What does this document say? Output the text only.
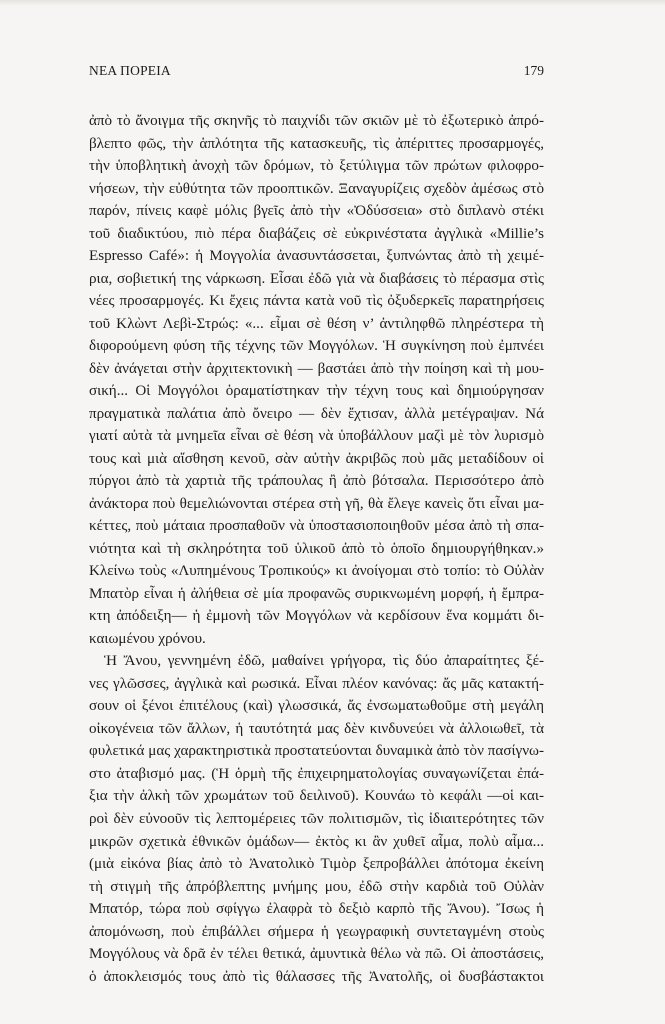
ΝΕΑ ΠΟΡΕΙΑ	179
ἀπὸ τὸ ἄνοιγμα τῆς σκηνῆς τὸ παιχνίδι τῶν σκιῶν μὲ τὸ ἐξωτερικὸ ἀπρό-
βλεπτο φῶς, τὴν ἁπλότητα τῆς κατασκευῆς, τὶς ἀπέριττες προσαρμογές,
τὴν ὑποβλητικὴ ἀνοχὴ τῶν δρόμων, τὸ ξετύλιγμα τῶν πρώτων φιλοφρο-
νήσεων, τὴν εὐθύτητα τῶν προοπτικῶν. Ξαναγυρίζεις σχεδὸν ἀμέσως στὸ
παρόν, πίνεις καφὲ μόλις βγεῖς ἀπὸ τὴν «Ὀδύσσεια» στὸ διπλανὸ στέκι
τοῦ διαδικτύου, πιὸ πέρα διαβάζεις σὲ εὐκρινέστατα ἀγγλικὰ «Millie’s
Espresso Café»: ἡ Μογγολία ἀνασυντάσσεται, ξυπνώντας ἀπὸ τὴ χειμέ-
ρια, σοβιετική της νάρκωση. Εἶσαι ἐδῶ γιὰ νὰ διαβάσεις τὸ πέρασμα στὶς
νέες προσαρμογές. Κι ἔχεις πάντα κατὰ νοῦ τὶς ὀξυδερκεῖς παρατηρήσεις
τοῦ Κλὼντ Λεβὶ-Στρώς: «... εἶμαι σὲ θέση ν’ ἀντιληφθῶ πληρέστερα τὴ
διφορούμενη φύση τῆς τέχνης τῶν Μογγόλων. Ἡ συγκίνηση ποὺ ἐμπνέει
δὲν ἀνάγεται στὴν ἀρχιτεκτονικὴ — βαστάει ἀπὸ τὴν ποίηση καὶ τὴ μου-
σική... Οἱ Μογγόλοι ὁραματίστηκαν τὴν τέχνη τους καὶ δημιούργησαν
πραγματικὰ παλάτια ἀπὸ ὄνειρο — δὲν ἔχτισαν, ἀλλὰ μετέγραψαν. Νά
γιατί αὐτὰ τὰ μνημεῖα εἶναι σὲ θέση νὰ ὑποβάλλουν μαζὶ μὲ τὸν λυρισμὸ
τους καὶ μιὰ αἴσθηση κενοῦ, σὰν αὐτὴν ἀκριβῶς ποὺ μᾶς μεταδίδουν οἱ
πύργοι ἀπὸ τὰ χαρτιὰ τῆς τράπουλας ἢ ἀπὸ βότσαλα. Περισσότερο ἀπὸ
ἀνάκτορα ποὺ θεμελιώνονται στέρεα στὴ γῆ, θὰ ἔλεγε κανεὶς ὅτι εἶναι μα-
κέττες, ποὺ μάταια προσπαθοῦν νὰ ὑποστασιοποιηθοῦν μέσα ἀπὸ τὴ σπα-
νιότητα καὶ τὴ σκληρότητα τοῦ ὑλικοῦ ἀπὸ τὸ ὁποῖο δημιουργήθηκαν.»
Κλείνω τοὺς «Λυπημένους Τροπικούς» κι ἀνοίγομαι στὸ τοπίο: τὸ Οὐλὰν
Μπατὸρ εἶναι ἡ ἀλήθεια σὲ μία προφανῶς συρικνωμένη μορφή, ἡ ἔμπρα-
κτη ἀπόδειξη— ἡ ἐμμονὴ τῶν Μογγόλων νὰ κερδίσουν ἕνα κομμάτι δι-
καιωμένου χρόνου.
Ἡ Ἄνου, γεννημένη ἐδῶ, μαθαίνει γρήγορα, τὶς δύο ἀπαραίτητες ξέ-
νες γλῶσσες, ἀγγλικὰ καὶ ρωσικά. Εἶναι πλέον κανόνας: ἄς μᾶς κατακτή-
σουν οἱ ξένοι ἐπιτέλους (καὶ) γλωσσικά, ἄς ἐνσωματωθοῦμε στὴ μεγάλη
οἰκογένεια τῶν ἄλλων, ἡ ταυτότητά μας δὲν κινδυνεύει νὰ ἀλλοιωθεῖ, τὰ
φυλετικά μας χαρακτηριστικὰ προστατεύονται δυναμικὰ ἀπὸ τὸν πασίγνω-
στο ἀταβισμό μας. (Ἡ ὁρμὴ τῆς ἐπιχειρηματολογίας συναγωνίζεται ἐπά-
ξια τὴν ἀλκὴ τῶν χρωμάτων τοῦ δειλινοῦ). Κουνάω τὸ κεφάλι —οἱ και-
ροὶ δὲν εὐνοοῦν τὶς λεπτομέρειες τῶν πολιτισμῶν, τὶς ἰδιαιτερότητες τῶν
μικρῶν σχετικὰ ἐθνικῶν ὁμάδων— ἐκτὸς κι ἂν χυθεῖ αἷμα, πολὺ αἷμα...
(μιὰ εἰκόνα βίας ἀπὸ τὸ Ἀνατολικὸ Τιμὸρ ξεπροβάλλει ἀπότομα ἐκείνη
τὴ στιγμὴ τῆς ἀπρόβλεπτης μνήμης μου, ἐδῶ στὴν καρδιὰ τοῦ Οὐλὰν
Μπατόρ, τώρα ποὺ σφίγγω ἐλαφρὰ τὸ δεξιὸ καρπὸ τῆς Ἄνου). Ἴσως ἡ
ἀπομόνωση, ποὺ ἐπιβάλλει σήμερα ἡ γεωγραφικὴ συντεταγμένη στοὺς
Μογγόλους νὰ δρᾶ ἐν τέλει θετικά, ἀμυντικὰ θέλω νὰ πῶ. Οἱ ἀποστάσεις,
ὁ ἀποκλεισμός τους ἀπὸ τὶς θάλασσες τῆς Ἀνατολῆς, οἱ δυσβάστακτοι
